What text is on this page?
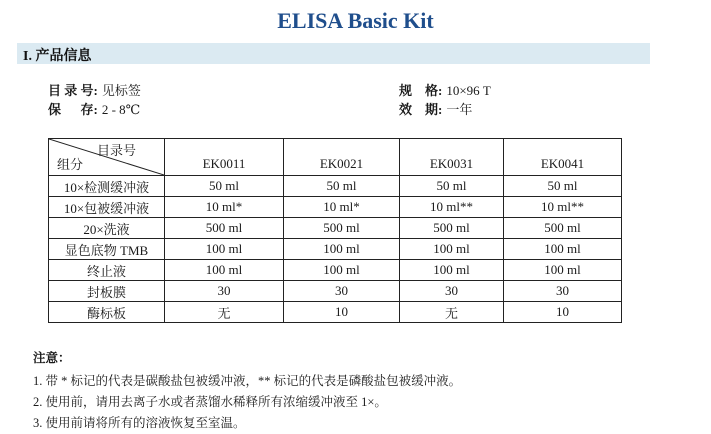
ELISA Basic Kit
I. 产品信息
目 录 号: 见标签
保      存: 2 - 8℃
规    格: 10×96 T
效    期: 一年
目录号
组分	EK0011	EK0021	EK0031	EK0041
10×检测缓冲液	50 ml	50 ml	50 ml	50 ml
10×包被缓冲液	10 ml*	10 ml*	10 ml**	10 ml**
20×洗液	500 ml	500 ml	500 ml	500 ml
显色底物 TMB	100 ml	100 ml	100 ml	100 ml
终止液	100 ml	100 ml	100 ml	100 ml
封板膜	30	30	30	30
酶标板	无	10	无	10
注意：
1. 带 * 标记的代表是碳酸盐包被缓冲液，** 标记的代表是磷酸盐包被缓冲液。
2. 使用前，请用去离子水或者蒸馏水稀释所有浓缩缓冲液至 1×。
3. 使用前请将所有的溶液恢复至室温。
